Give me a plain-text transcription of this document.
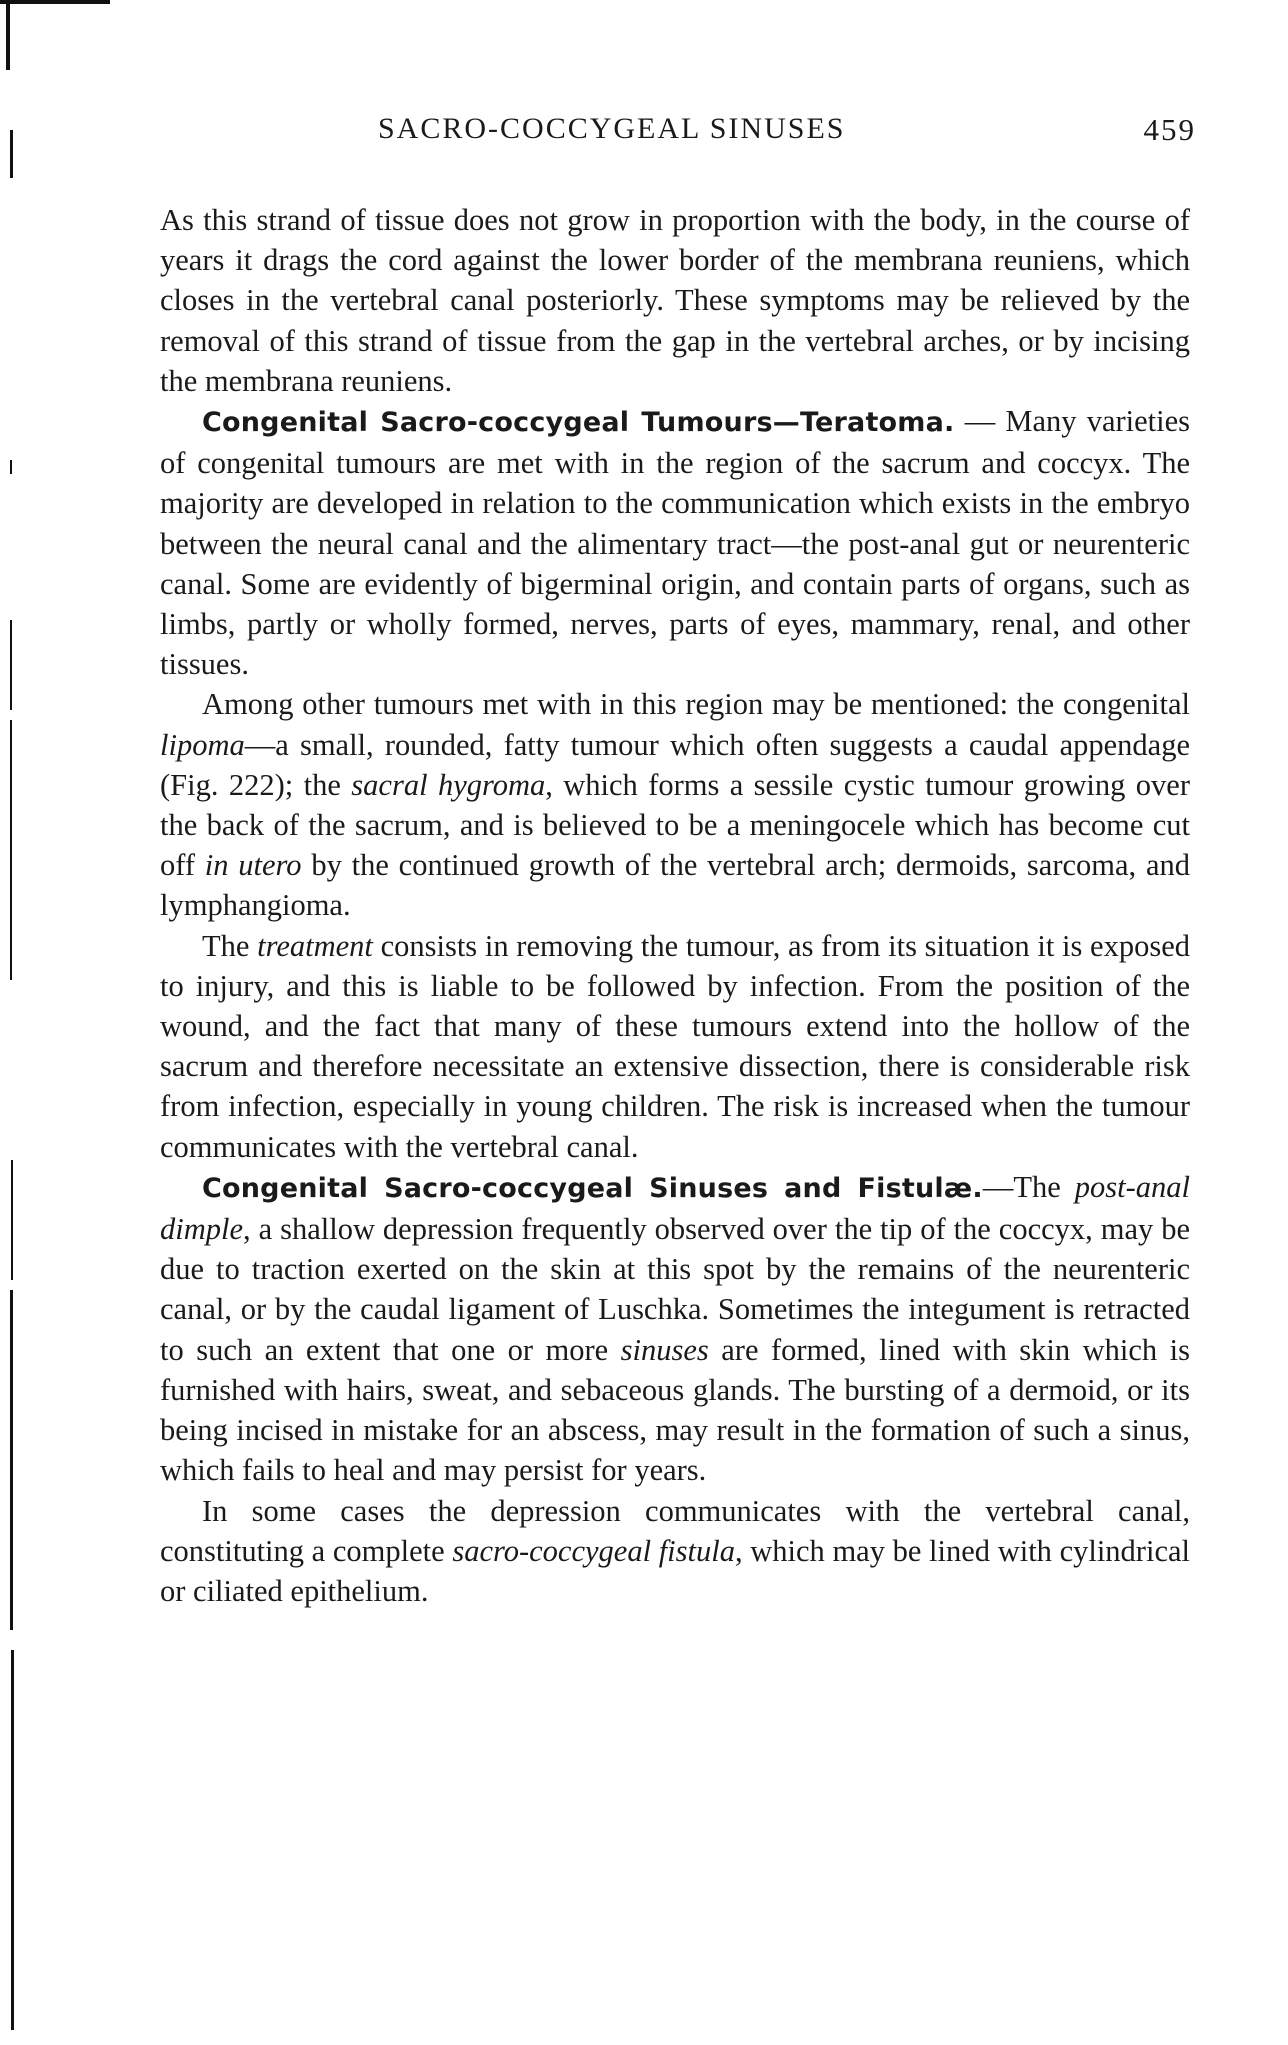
SACRO-COCCYGEAL SINUSES	459

As this strand of tissue does not grow in proportion with the body, in the course of years it drags the cord against the lower border of the membrana reuniens, which closes in the vertebral canal posteriorly. These symptoms may be relieved by the removal of this strand of tissue from the gap in the vertebral arches, or by incising the membrana reuniens.

Congenital Sacro-coccygeal Tumours—Teratoma. — Many varieties of congenital tumours are met with in the region of the sacrum and coccyx. The majority are developed in relation to the communication which exists in the embryo between the neural canal and the alimentary tract—the post-anal gut or neurenteric canal. Some are evidently of bigerminal origin, and contain parts of organs, such as limbs, partly or wholly formed, nerves, parts of eyes, mammary, renal, and other tissues.

Among other tumours met with in this region may be mentioned: the congenital lipoma—a small, rounded, fatty tumour which often suggests a caudal appendage (Fig. 222); the sacral hygroma, which forms a sessile cystic tumour growing over the back of the sacrum, and is believed to be a meningocele which has become cut off in utero by the continued growth of the vertebral arch; dermoids, sarcoma, and lymphangioma.

The treatment consists in removing the tumour, as from its situation it is exposed to injury, and this is liable to be followed by infection. From the position of the wound, and the fact that many of these tumours extend into the hollow of the sacrum and therefore necessitate an extensive dissection, there is considerable risk from infection, especially in young children. The risk is increased when the tumour communicates with the vertebral canal.

Congenital Sacro-coccygeal Sinuses and Fistulæ.—The post-anal dimple, a shallow depression frequently observed over the tip of the coccyx, may be due to traction exerted on the skin at this spot by the remains of the neurenteric canal, or by the caudal ligament of Luschka. Sometimes the integument is retracted to such an extent that one or more sinuses are formed, lined with skin which is furnished with hairs, sweat, and sebaceous glands. The bursting of a dermoid, or its being incised in mistake for an abscess, may result in the formation of such a sinus, which fails to heal and may persist for years.

In some cases the depression communicates with the vertebral canal, constituting a complete sacro-coccygeal fistula, which may be lined with cylindrical or ciliated epithelium.
